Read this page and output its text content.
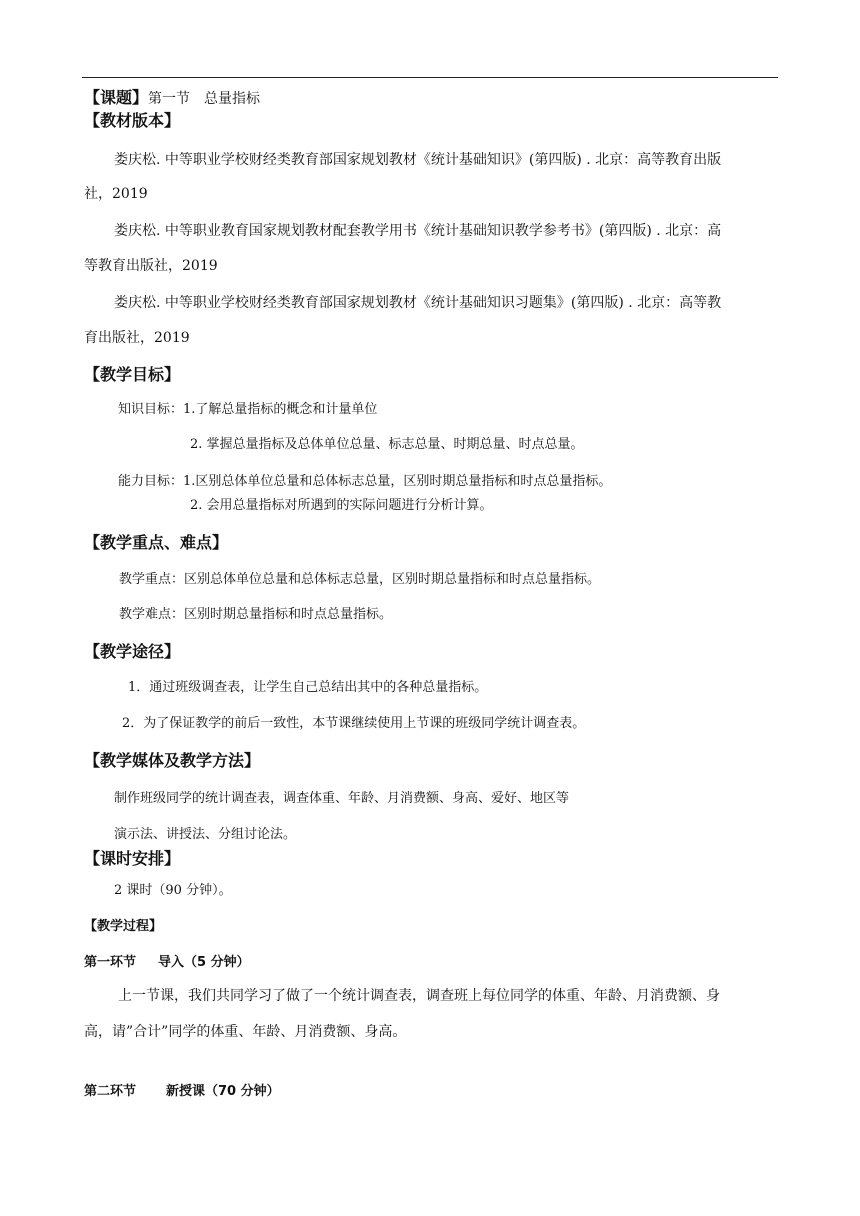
【课题】第一节　总量指标
【教材版本】
娄庆松. 中等职业学校财经类教育部国家规划教材《统计基础知识》(第四版) . 北京：高等教育出版
社，2019
娄庆松. 中等职业教育国家规划教材配套教学用书《统计基础知识教学参考书》(第四版) . 北京：高
等教育出版社，2019
娄庆松. 中等职业学校财经类教育部国家规划教材《统计基础知识习题集》(第四版) . 北京：高等教
育出版社，2019
【教学目标】
知识目标：1.了解总量指标的概念和计量单位
2. 掌握总量指标及总体单位总量、标志总量、时期总量、时点总量。
能力目标：1.区别总体单位总量和总体标志总量，区别时期总量指标和时点总量指标。
2. 会用总量指标对所遇到的实际问题进行分析计算。
【教学重点、难点】
教学重点：区别总体单位总量和总体标志总量，区别时期总量指标和时点总量指标。
教学难点：区别时期总量指标和时点总量指标。
【教学途径】
1．通过班级调查表，让学生自己总结出其中的各种总量指标。
2．为了保证教学的前后一致性，本节课继续使用上节课的班级同学统计调查表。
【教学媒体及教学方法】
制作班级同学的统计调查表，调查体重、年龄、月消费额、身高、爱好、地区等
演示法、讲授法、分组讨论法。
【课时安排】
2 课时（90 分钟）。
【教学过程】
第一环节 导入（5 分钟）
上一节课，我们共同学习了做了一个统计调查表，调查班上每位同学的体重、年龄、月消费额、身
高，请”合计”同学的体重、年龄、月消费额、身高。
第二环节 新授课（70 分钟）
